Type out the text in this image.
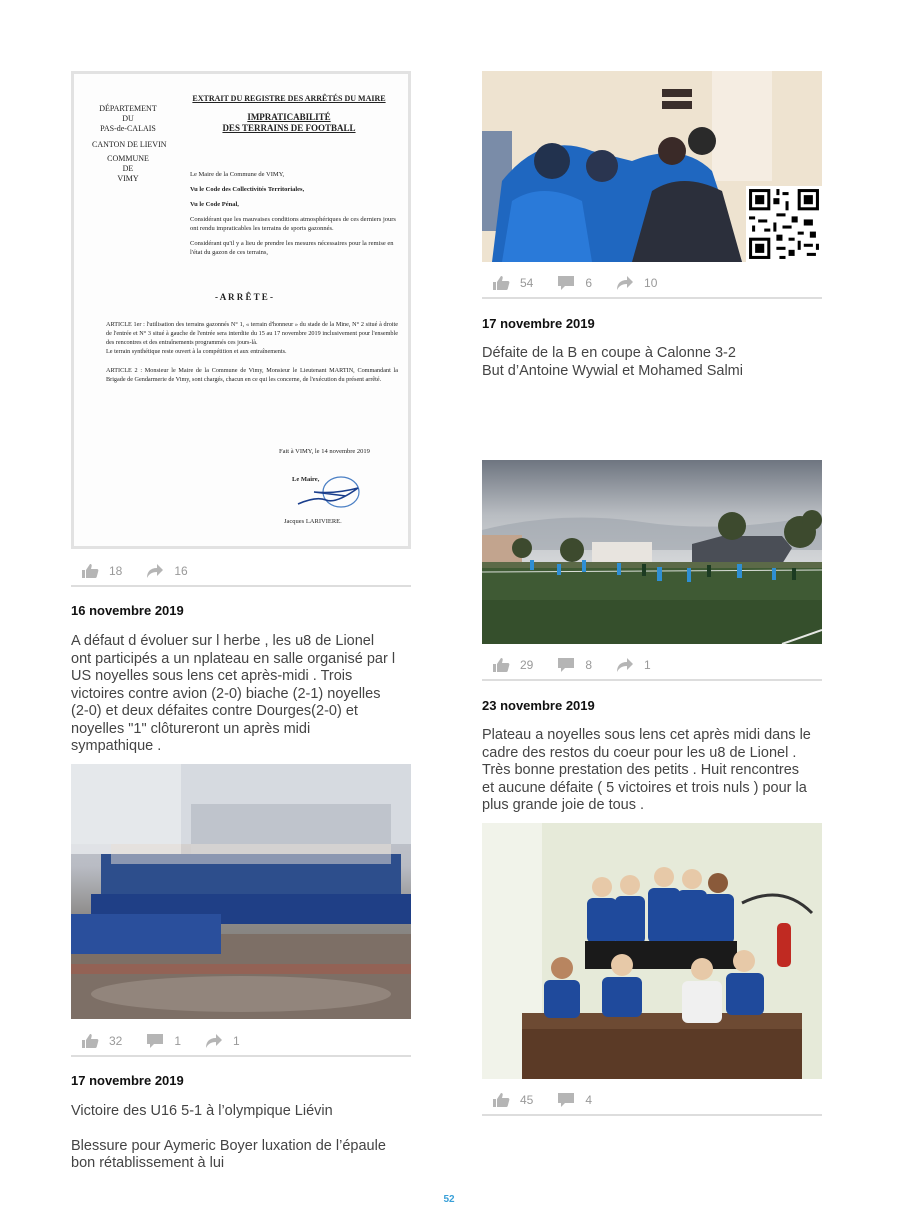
DÉPARTEMENT
DU
PAS-de-CALAIS
CANTON DE LIEVIN
COMMUNE
DE
VIMY
EXTRAIT DU REGISTRE DES ARRÊTÉS DU MAIRE
IMPRATICABILITÉ
DES TERRAINS DE FOOTBALL
Le Maire de la Commune de VIMY,
Vu le Code des Collectivités Territoriales,
Vu le Code Pénal,
Considérant que les mauvaises conditions atmosphériques de ces derniers jours ont rendu impraticables les terrains de sports gazonnés.
Considérant qu'il y a lieu de prendre les mesures nécessaires pour la remise en l'état du gazon de ces terrains,
- A R R Ê T E -
ARTICLE 1er : l'utilisation des terrains gazonnés N° 1, « terrain d'honneur » du stade de la Mine, N° 2 situé à droite de l'entrée et N° 3 situé à gauche de l'entrée sera interdite du 15 au 17 novembre 2019 inclusivement pour l'ensemble des rencontres et des entraînements programmés ces jours-là.
Le terrain synthétique reste ouvert à la compétition et aux entraînements.
ARTICLE 2 : Monsieur le Maire de la Commune de Vimy, Monsieur le Lieutenant MARTIN, Commandant la Brigade de Gendarmerie de Vimy, sont chargés, chacun en ce qui les concerne, de l'exécution du présent arrêté.
Fait à VIMY, le 14 novembre 2019
Le Maire,
Jacques LARIVIERE.
18	16
16 novembre 2019
A défaut d évoluer sur l herbe , les u8 de Lionel
ont participés a un nplateau en salle organisé par l
US noyelles sous lens cet après-midi . Trois
victoires contre avion (2-0) biache (2-1) noyelles
(2-0) et deux défaites contre Dourges(2-0) et
noyelles "1" clôtureront un après midi
sympathique .
32	1	1
17 novembre 2019
Victoire des U16 5-1 à l’olympique Liévin
Blessure pour Aymeric Boyer luxation de l’épaule
bon rétablissement à lui
54	6	10
17 novembre 2019
Défaite de la B en coupe à Calonne 3-2
But d’Antoine Wywial et Mohamed Salmi
29	8	1
23 novembre 2019
Plateau a noyelles sous lens cet après midi dans le
cadre des restos du coeur pour les u8 de Lionel .
Très bonne prestation des petits . Huit rencontres
et aucune défaite ( 5 victoires et trois nuls ) pour la
plus grande joie de tous .
45	4
52
